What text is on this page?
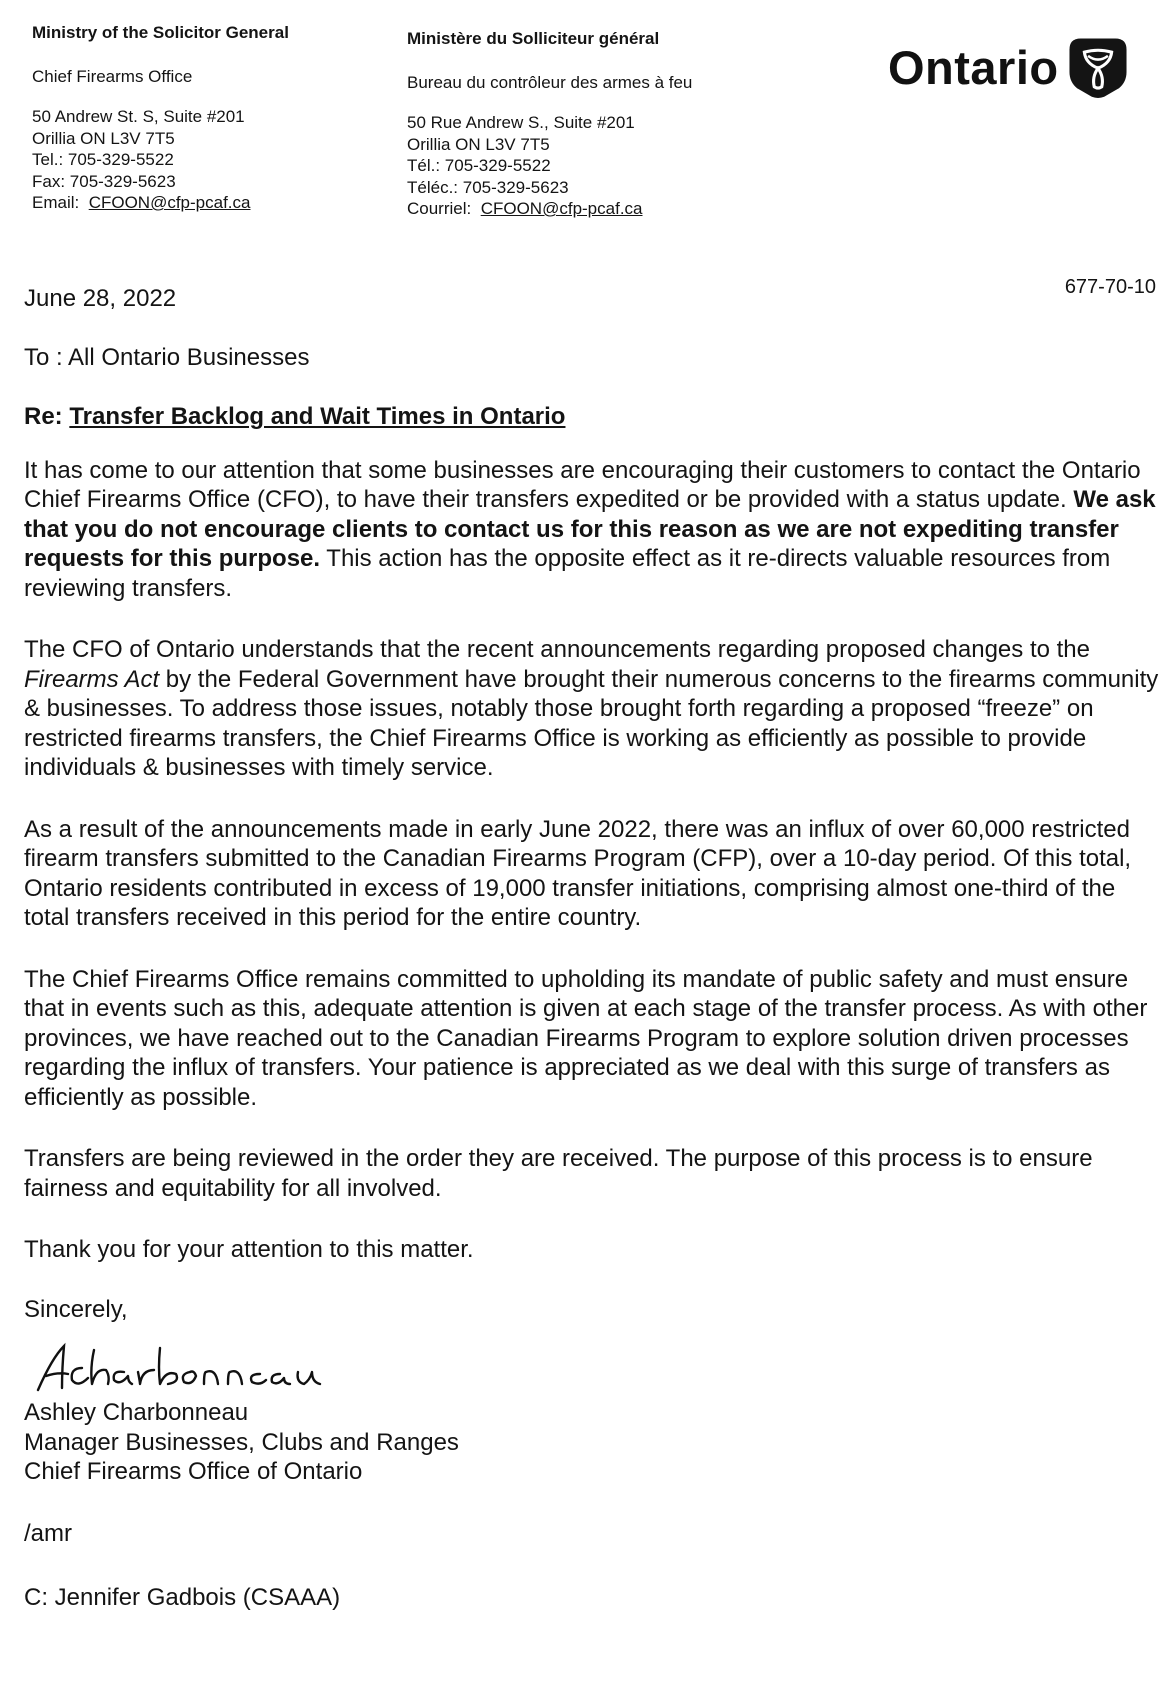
Ministry of the Solicitor General
Chief Firearms Office
50 Andrew St. S, Suite #201
Orillia ON L3V 7T5
Tel.: 705-329-5522
Fax: 705-329-5623
Email: CFOON@cfp-pcaf.ca
Ministère du Solliciteur général
Bureau du contrôleur des armes à feu
50 Rue Andrew S., Suite #201
Orillia ON L3V 7T5
Tél.: 705-329-5522
Téléc.: 705-329-5623
Courriel: CFOON@cfp-pcaf.ca
Ontario
677-70-10

June 28, 2022

To : All Ontario Businesses

Re: Transfer Backlog and Wait Times in Ontario

It has come to our attention that some businesses are encouraging their customers to contact the Ontario Chief Firearms Office (CFO), to have their transfers expedited or be provided with a status update. We ask that you do not encourage clients to contact us for this reason as we are not expediting transfer requests for this purpose. This action has the opposite effect as it re-directs valuable resources from reviewing transfers.

The CFO of Ontario understands that the recent announcements regarding proposed changes to the Firearms Act by the Federal Government have brought their numerous concerns to the firearms community & businesses. To address those issues, notably those brought forth regarding a proposed “freeze” on restricted firearms transfers, the Chief Firearms Office is working as efficiently as possible to provide individuals & businesses with timely service.

As a result of the announcements made in early June 2022, there was an influx of over 60,000 restricted firearm transfers submitted to the Canadian Firearms Program (CFP), over a 10-day period. Of this total, Ontario residents contributed in excess of 19,000 transfer initiations, comprising almost one-third of the total transfers received in this period for the entire country.

The Chief Firearms Office remains committed to upholding its mandate of public safety and must ensure that in events such as this, adequate attention is given at each stage of the transfer process. As with other provinces, we have reached out to the Canadian Firearms Program to explore solution driven processes regarding the influx of transfers. Your patience is appreciated as we deal with this surge of transfers as efficiently as possible.

Transfers are being reviewed in the order they are received. The purpose of this process is to ensure fairness and equitability for all involved.

Thank you for your attention to this matter.

Sincerely,

Ashley Charbonneau

Manager Businesses, Clubs and Ranges

Chief Firearms Office of Ontario

/amr

C: Jennifer Gadbois (CSAAA)
